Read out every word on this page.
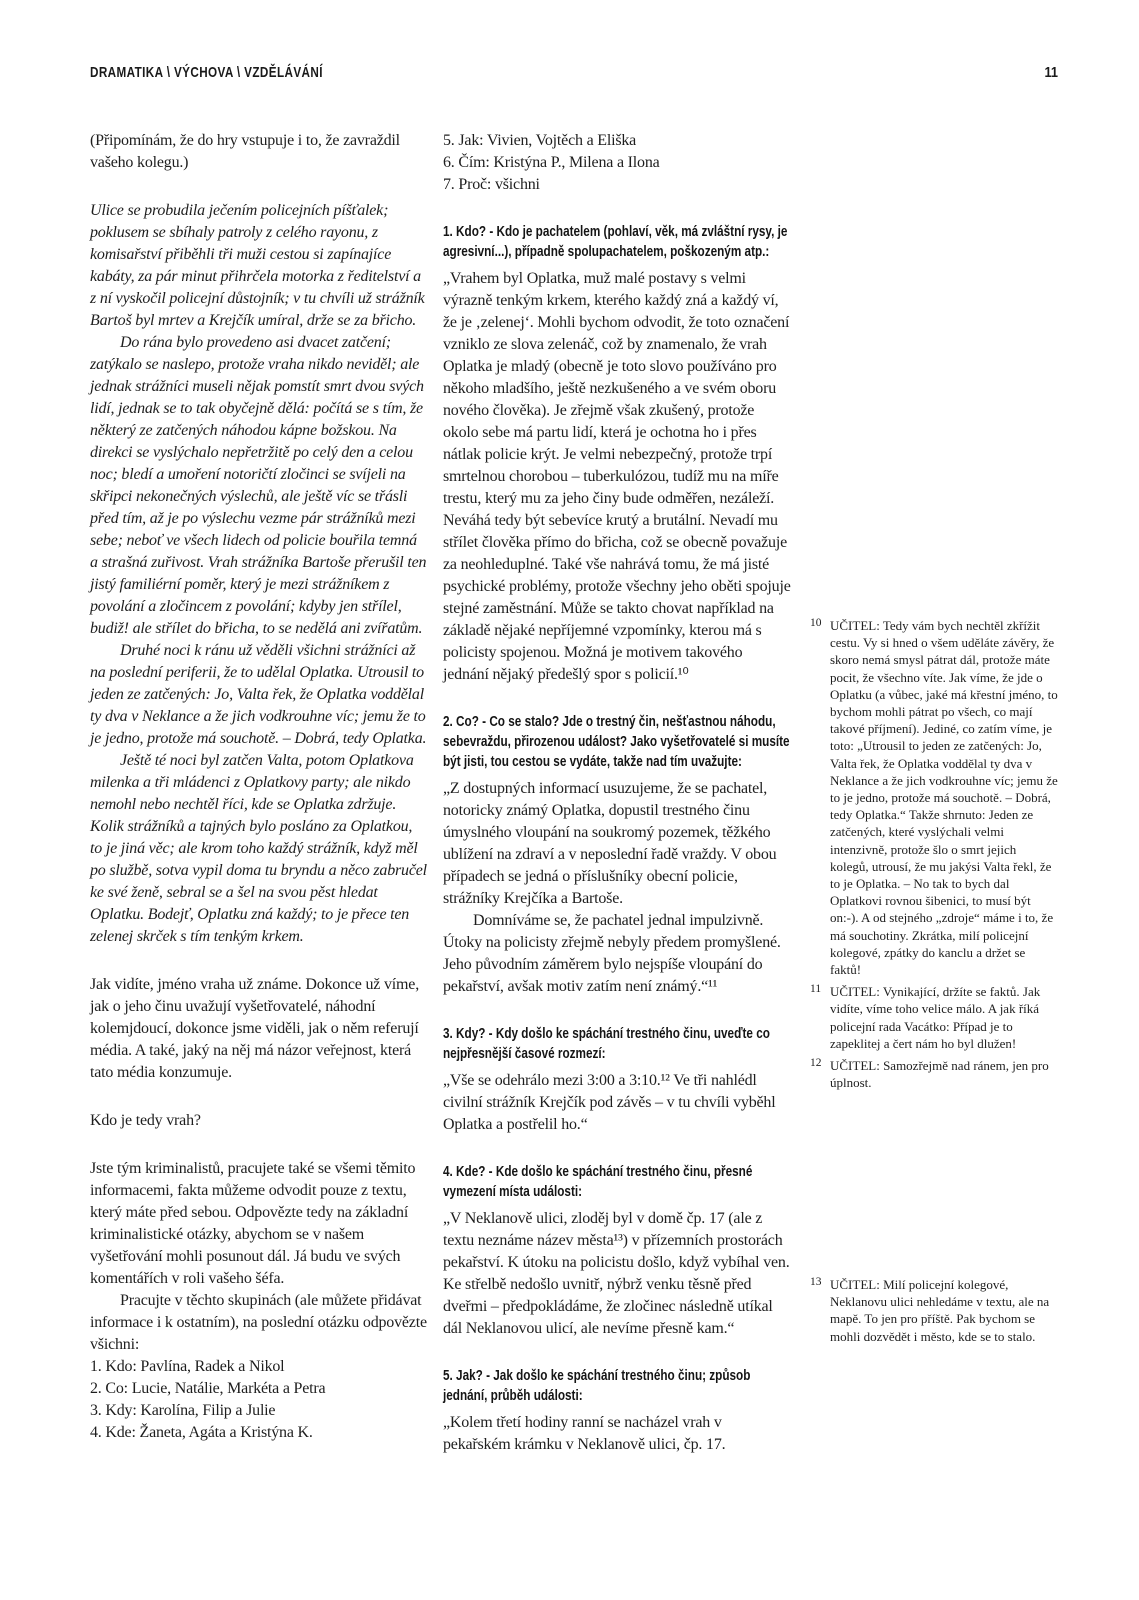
DRAMATIKA \ VÝCHOVA \ VZDĚLÁVÁNÍ	11

(Připomínám, že do hry vstupuje i to, že zavraždil vašeho kolegu.)

Ulice se probudila ječením policejních píšťalek; poklusem se sbíhaly patroly z celého rayonu, z komisařství přiběhli tři muži cestou si zapínajíce kabáty, za pár minut přihrčela motorka z ředitelství a z ní vyskočil policejní důstojník; v tu chvíli už strážník Bartoš byl mrtev a Krejčík umíral, drže se za břicho.

Do rána bylo provedeno asi dvacet zatčení; zatýkalo se naslepo, protože vraha nikdo neviděl; ale jednak strážníci museli nějak pomstít smrt dvou svých lidí, jednak se to tak obyčejně dělá: počítá se s tím, že některý ze zatčených náhodou kápne božskou. Na direkci se vyslýchalo nepřetržitě po celý den a celou noc; bledí a umoření notoričtí zločinci se svíjeli na skřipci nekonečných výslechů, ale ještě víc se třásli před tím, až je po výslechu vezme pár strážníků mezi sebe; neboť ve všech lidech od policie bouřila temná a strašná zuřivost. Vrah strážníka Bartoše přerušil ten jistý familiérní poměr, který je mezi strážníkem z povolání a zločincem z povolání; kdyby jen střílel, budiž! ale střílet do břicha, to se nedělá ani zvířatům.

Druhé noci k ránu už věděli všichni strážníci až na poslední periferii, že to udělal Oplatka. Utrousil to jeden ze zatčených: Jo, Valta řek, že Oplatka voddělal ty dva v Neklance a že jich vodkrouhne víc; jemu že to je jedno, protože má souchotě. – Dobrá, tedy Oplatka.

Ještě té noci byl zatčen Valta, potom Oplatkova milenka a tři mládenci z Oplatkovy party; ale nikdo nemohl nebo nechtěl říci, kde se Oplatka zdržuje. Kolik strážníků a tajných bylo posláno za Oplatkou, to je jiná věc; ale krom toho každý strážník, když měl po službě, sotva vypil doma tu bryndu a něco zabručel ke své ženě, sebral se a šel na svou pěst hledat Oplatku. Bodejť, Oplatku zná každý; to je přece ten zelenej skrček s tím tenkým krkem.

Jak vidíte, jméno vraha už známe. Dokonce už víme, jak o jeho činu uvažují vyšetřovatelé, náhodní kolemjdoucí, dokonce jsme viděli, jak o něm referují média. A také, jaký na něj má názor veřejnost, která tato média konzumuje.

Kdo je tedy vrah?

Jste tým kriminalistů, pracujete také se všemi těmito informacemi, fakta můžeme odvodit pouze z textu, který máte před sebou. Odpovězte tedy na základní kriminalistické otázky, abychom se v našem vyšetřování mohli posunout dál. Já budu ve svých komentářích v roli vašeho šéfa.

Pracujte v těchto skupinách (ale můžete přidávat informace i k ostatním), na poslední otázku odpovězte všichni:

1. Kdo: Pavlína, Radek a Nikol
2. Co: Lucie, Natálie, Markéta a Petra
3. Kdy: Karolína, Filip a Julie
4. Kde: Žaneta, Agáta a Kristýna K.
5. Jak: Vivien, Vojtěch a Eliška
6. Čím: Kristýna P., Milena a Ilona
7. Proč: všichni
1. Kdo? - Kdo je pachatelem (pohlaví, věk, má zvláštní rysy, je agresivní...), případně spolupachatelem, poškozeným atp.:

„Vrahem byl Oplatka, muž malé postavy s velmi výrazně tenkým krkem, kterého každý zná a každý ví, že je ‚zelenej‘. Mohli bychom odvodit, že toto označení vzniklo ze slova zelenáč, což by znamenalo, že vrah Oplatka je mladý (obecně je toto slovo používáno pro někoho mladšího, ještě nezkušeného a ve svém oboru nového člověka). Je zřejmě však zkušený, protože okolo sebe má partu lidí, která je ochotna ho i přes nátlak policie krýt. Je velmi nebezpečný, protože trpí smrtelnou chorobou – tuberkulózou, tudíž mu na míře trestu, který mu za jeho činy bude odměřen, nezáleží. Neváhá tedy být sebevíce krutý a brutální. Nevadí mu střílet člověka přímo do břicha, což se obecně považuje za neohleduplné. Také vše nahrává tomu, že má jisté psychické problémy, protože všechny jeho oběti spojuje stejné zaměstnání. Může se takto chovat například na základě nějaké nepříjemné vzpomínky, kterou má s policisty spojenou. Možná je motivem takového jednání nějaký předešlý spor s policií.¹⁰

2. Co? - Co se stalo? Jde o trestný čin, nešťastnou náhodu, sebevraždu, přirozenou událost? Jako vyšetřovatelé si musíte být jisti, tou cestou se vydáte, takže nad tím uvažujte:

„Z dostupných informací usuzujeme, že se pachatel, notoricky známý Oplatka, dopustil trestného činu úmyslného vloupání na soukromý pozemek, těžkého ublížení na zdraví a v neposlední řadě vraždy. V obou případech se jedná o příslušníky obecní policie, strážníky Krejčíka a Bartoše.

Domníváme se, že pachatel jednal impulzivně. Útoky na policisty zřejmě nebyly předem promyšlené. Jeho původním záměrem bylo nejspíše vloupání do pekařství, avšak motiv zatím není známý.“¹¹

3. Kdy? - Kdy došlo ke spáchání trestného činu, uveďte co nejpřesnější časové rozmezí:

„Vše se odehrálo mezi 3:00 a 3:10.¹² Ve tři nahlédl civilní strážník Krejčík pod závěs – v tu chvíli vyběhl Oplatka a postřelil ho.“

4. Kde? - Kde došlo ke spáchání trestného činu, přesné vymezení místa události:

„V Neklanově ulici, zloděj byl v domě čp. 17 (ale z textu neznáme název města¹³) v přízemních prostorách pekařství. K útoku na policistu došlo, když vybíhal ven. Ke střelbě nedošlo uvnitř, nýbrž venku těsně před dveřmi – předpokládáme, že zločinec následně utíkal dál Neklanovou ulicí, ale nevíme přesně kam.“

5. Jak? - Jak došlo ke spáchání trestného činu; způsob jednání, průběh události:

„Kolem třetí hodiny ranní se nacházel vrah v pekařském krámku v Neklanově ulici, čp. 17.

10 UČITEL: Tedy vám bych nechtěl zkřížit cestu. Vy si hned o všem uděláte závěry, že skoro nemá smysl pátrat dál, protože máte pocit, že všechno víte. Jak víme, že jde o Oplatku (a vůbec, jaké má křestní jméno, to bychom mohli pátrat po všech, co mají takové příjmení). Jediné, co zatím víme, je toto: „Utrousil to jeden ze zatčených: Jo, Valta řek, že Oplatka voddělal ty dva v Neklance a že jich vodkrouhne víc; jemu že to je jedno, protože má souchotě. – Dobrá, tedy Oplatka.“ Takže shrnuto: Jeden ze zatčených, které vyslýchali velmi intenzivně, protože šlo o smrt jejich kolegů, utrousí, že mu jakýsi Valta řekl, že to je Oplatka. – No tak to bych dal Oplatkovi rovnou šibenici, to musí být on:-). A od stejného „zdroje“ máme i to, že má souchotiny. Zkrátka, milí policejní kolegové, zpátky do kanclu a držet se faktů!
11 UČITEL: Vynikající, držíte se faktů. Jak vidíte, víme toho velice málo. A jak říká policejní rada Vacátko: Případ je to zapeklitej a čert nám ho byl dlužen!
12 UČITEL: Samozřejmě nad ránem, jen pro úplnost.
13 UČITEL: Milí policejní kolegové, Neklanovu ulici nehledáme v textu, ale na mapě. To jen pro příště. Pak bychom se mohli dozvědět i město, kde se to stalo.
